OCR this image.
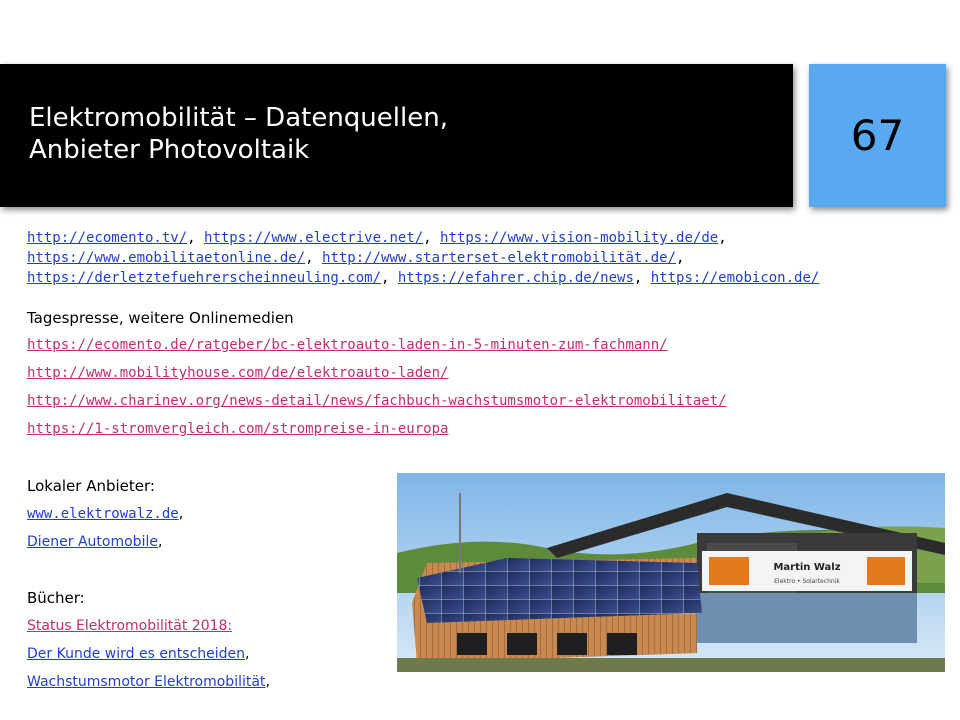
Elektromobilität – Datenquellen,
Anbieter Photovoltaik	67
http://ecomento.tv/, https://www.electrive.net/, https://www.vision-mobility.de/de,
https://www.emobilitaetonline.de/, http://www.starterset-elektromobilität.de/,
https://derletztefuehrerscheinneuling.com/, https://efahrer.chip.de/news, https://emobicon.de/
Tagespresse, weitere Onlinemedien
https://ecomento.de/ratgeber/bc-elektroauto-laden-in-5-minuten-zum-fachmann/
http://www.mobilityhouse.com/de/elektroauto-laden/
http://www.charinev.org/news-detail/news/fachbuch-wachstumsmotor-elektromobilitaet/
https://1-stromvergleich.com/strompreise-in-europa
Lokaler Anbieter:
www.elektrowalz.de,
Diener Automobile,
Bücher:
Status Elektromobilität 2018:
Der Kunde wird es entscheiden,
Wachstumsmotor Elektromobilität,
Martin Walz
Elektro • Solartechnik
